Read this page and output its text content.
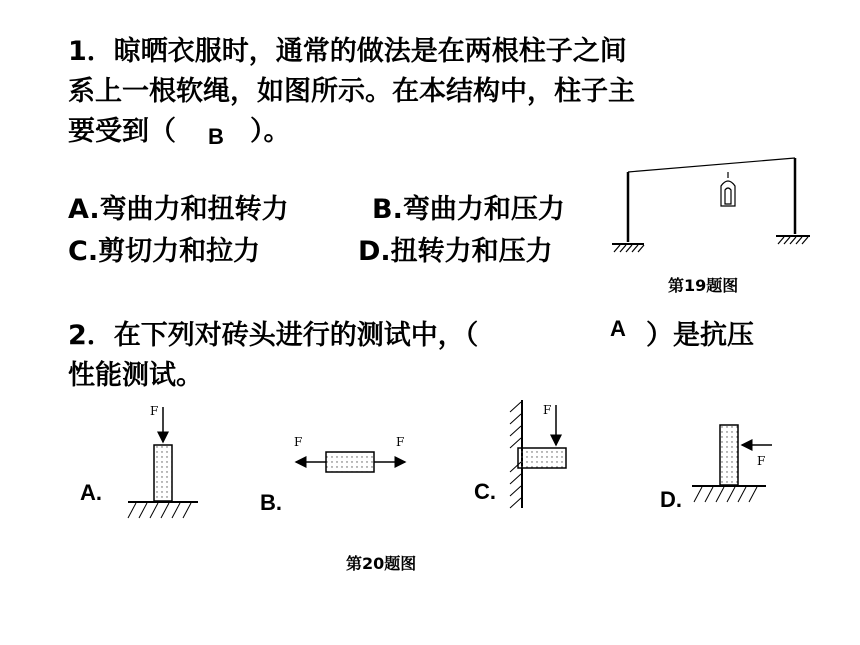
1．晾晒衣服时，通常的做法是在两根柱子之间
系上一根软绳，如图所示。在本结构中，柱子主
要受到（ B ）。
A.弯曲力和扭转力	B.弯曲力和压力
C.剪切力和拉力	D.扭转力和压力
第19题图
2．在下列对砖头进行的测试中，（	A ）是抗压
性能测试。
A.	B.	C.	D.
第20题图
F
F	F
F
F
